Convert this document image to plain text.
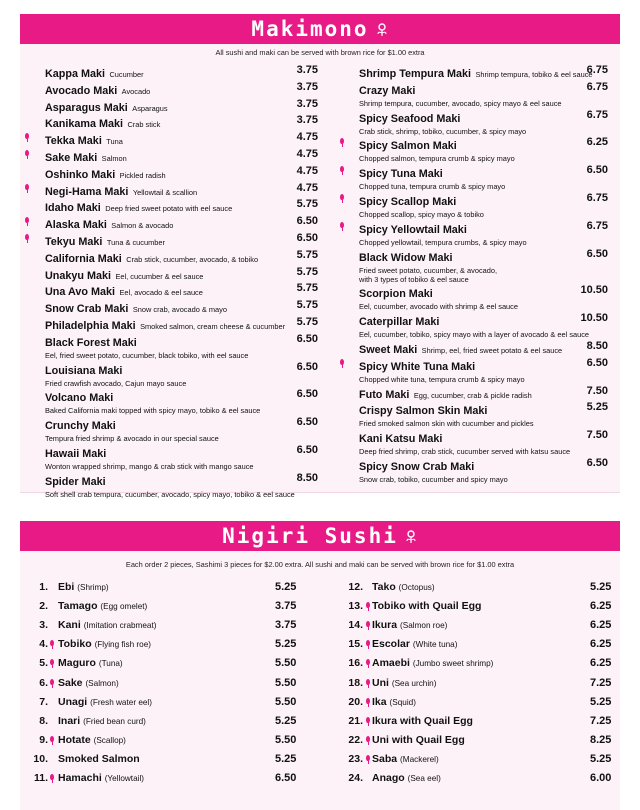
Makimono
All sushi and maki can be served with brown rice for $1.00 extra
Kappa Maki Cucumber	3.75
Avocado Maki Avocado	3.75
Asparagus Maki Asparagus	3.75
Kanikama Maki Crab stick	3.75
Tekka Maki Tuna	4.75
Sake Maki Salmon	4.75
Oshinko Maki Pickled radish	4.75
Negi-Hama Maki Yellowtail & scallion	4.75
Idaho Maki Deep fried sweet potato with eel sauce	5.75
Alaska Maki Salmon & avocado	6.50
Tekyu Maki Tuna & cucumber	6.50
California Maki Crab stick, cucumber, avocado, & tobiko	5.75
Unakyu Maki Eel, cucumber & eel sauce	5.75
Una Avo Maki Eel, avocado & eel sauce	5.75
Snow Crab Maki Snow crab, avocado & mayo	5.75
Philadelphia Maki Smoked salmon, cream cheese & cucumber	5.75
Black Forest Maki
Eel, fried sweet potato, cucumber, black tobiko, with eel sauce
6.50
Louisiana Maki
Fried crawfish avocado, Cajun mayo sauce
6.50
Volcano Maki
Baked California maki topped with spicy mayo, tobiko & eel sauce
6.50
Crunchy Maki
Tempura fried shrimp & avocado in our special sauce
6.50
Hawaii Maki
Wonton wrapped shrimp, mango & crab stick with mango sauce
6.50
Spider Maki
Soft shell crab tempura, cucumber, avocado, spicy mayo, tobiko & eel sauce
8.50
Shrimp Tempura Maki Shrimp tempura, tobiko & eel sauce
6.75
Crazy Maki
Shrimp tempura, cucumber, avocado, spicy mayo & eel sauce
6.75
Spicy Seafood Maki
Crab stick, shrimp, tobiko, cucumber, & spicy mayo
6.75
Spicy Salmon Maki
Chopped salmon, tempura crumb & spicy mayo
6.25
Spicy Tuna Maki
Chopped tuna, tempura crumb & spicy mayo
6.50
Spicy Scallop Maki
Chopped scallop, spicy mayo & tobiko
6.75
Spicy Yellowtail Maki
Chopped yellowtail, tempura crumbs, & spicy mayo
6.75
Black Widow Maki
Fried sweet potato, cucumber, & avocado,
with 3 types of tobiko & eel sauce
6.50
Scorpion Maki
Eel, cucumber, avocado with shrimp & eel sauce
10.50
Caterpillar Maki
Eel, cucumber, tobiko, spicy mayo with a layer of avocado & eel sauce
10.50
Sweet Maki Shrimp, eel, fried sweet potato & eel sauce	8.50
Spicy White Tuna Maki
Chopped white tuna, tempura crumb & spicy mayo
6.50
Futo Maki Egg, cucumber, crab & pickle radish	7.50
Crispy Salmon Skin Maki
Fried smoked salmon skin with cucumber and pickles
5.25
Kani Katsu Maki
Deep fried shrimp, crab stick, cucumber served with katsu sauce
7.50
Spicy Snow Crab Maki
Snow crab, tobiko, cucumber and spicy mayo
6.50
Nigiri Sushi
Each order 2 pieces, Sashimi 3 pieces for $2.00 extra. All sushi and maki can be served with brown rice for $1.00 extra
1. Ebi (Shrimp)	5.25
2. Tamago (Egg omelet)	3.75
3. Kani (Imitation crabmeat)	3.75
4. Tobiko (Flying fish roe)	5.25
5. Maguro (Tuna)	5.50
6. Sake (Salmon)	5.50
7. Unagi (Fresh water eel)	5.50
8. Inari (Fried bean curd)	5.25
9. Hotate (Scallop)	5.50
10. Smoked Salmon	5.25
11. Hamachi (Yellowtail)	6.50
12. Tako (Octopus)	5.25
13. Tobiko with Quail Egg	6.25
14. Ikura (Salmon roe)	6.25
15. Escolar (White tuna)	6.25
16. Amaebi (Jumbo sweet shrimp)	6.25
18. Uni (Sea urchin)	7.25
20. Ika (Squid)	5.25
21. Ikura with Quail Egg	7.25
22. Uni with Quail Egg	8.25
23. Saba (Mackerel)	5.25
24. Anago (Sea eel)	6.00
